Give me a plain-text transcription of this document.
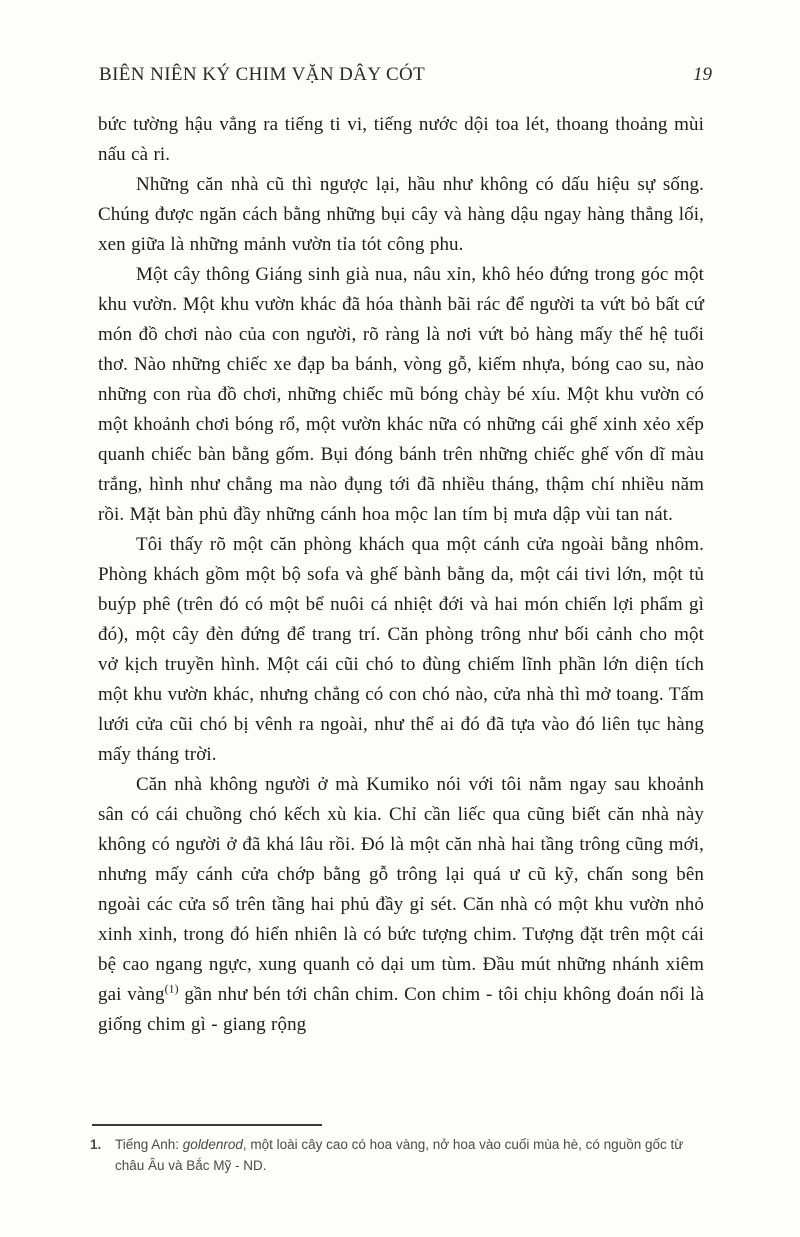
BIÊN NIÊN KÝ CHIM VẶN DÂY CÓT	19

bức tường hậu vẳng ra tiếng ti vi, tiếng nước dội toa lét, thoang thoảng mùi nấu cà ri.

Những căn nhà cũ thì ngược lại, hầu như không có dấu hiệu sự sống. Chúng được ngăn cách bằng những bụi cây và hàng dậu ngay hàng thẳng lối, xen giữa là những mảnh vườn tỉa tót công phu.

Một cây thông Giáng sinh già nua, nâu xỉn, khô héo đứng trong góc một khu vườn. Một khu vườn khác đã hóa thành bãi rác để người ta vứt bỏ bất cứ món đồ chơi nào của con người, rõ ràng là nơi vứt bỏ hàng mấy thế hệ tuổi thơ. Nào những chiếc xe đạp ba bánh, vòng gỗ, kiếm nhựa, bóng cao su, nào những con rùa đồ chơi, những chiếc mũ bóng chày bé xíu. Một khu vườn có một khoảnh chơi bóng rổ, một vườn khác nữa có những cái ghế xinh xẻo xếp quanh chiếc bàn bằng gốm. Bụi đóng bánh trên những chiếc ghế vốn dĩ màu trắng, hình như chẳng ma nào đụng tới đã nhiều tháng, thậm chí nhiều năm rồi. Mặt bàn phủ đầy những cánh hoa mộc lan tím bị mưa dập vùi tan nát.

Tôi thấy rõ một căn phòng khách qua một cánh cửa ngoài bằng nhôm. Phòng khách gồm một bộ sofa và ghế bành bằng da, một cái tivi lớn, một tủ buýp phê (trên đó có một bể nuôi cá nhiệt đới và hai món chiến lợi phẩm gì đó), một cây đèn đứng để trang trí. Căn phòng trông như bối cảnh cho một vở kịch truyền hình. Một cái cũi chó to đùng chiếm lĩnh phần lớn diện tích một khu vườn khác, nhưng chẳng có con chó nào, cửa nhà thì mở toang. Tấm lưới cửa cũi chó bị vênh ra ngoài, như thể ai đó đã tựa vào đó liên tục hàng mấy tháng trời.

Căn nhà không người ở mà Kumiko nói với tôi nằm ngay sau khoảnh sân có cái chuồng chó kếch xù kia. Chỉ cần liếc qua cũng biết căn nhà này không có người ở đã khá lâu rồi. Đó là một căn nhà hai tầng trông cũng mới, nhưng mấy cánh cửa chớp bằng gỗ trông lại quá ư cũ kỹ, chấn song bên ngoài các cửa sổ trên tầng hai phủ đầy gỉ sét. Căn nhà có một khu vườn nhỏ xinh xinh, trong đó hiển nhiên là có bức tượng chim. Tượng đặt trên một cái bệ cao ngang ngực, xung quanh cỏ dại um tùm. Đầu mút những nhánh xiêm gai vàng$^{(1)}$ gần như bén tới chân chim. Con chim - tôi chịu không đoán nổi là giống chim gì - giang rộng

1.	Tiếng Anh: goldenrod, một loài cây cao có hoa vàng, nở hoa vào cuối mùa hè, có nguồn gốc từ châu Âu và Bắc Mỹ - ND.
